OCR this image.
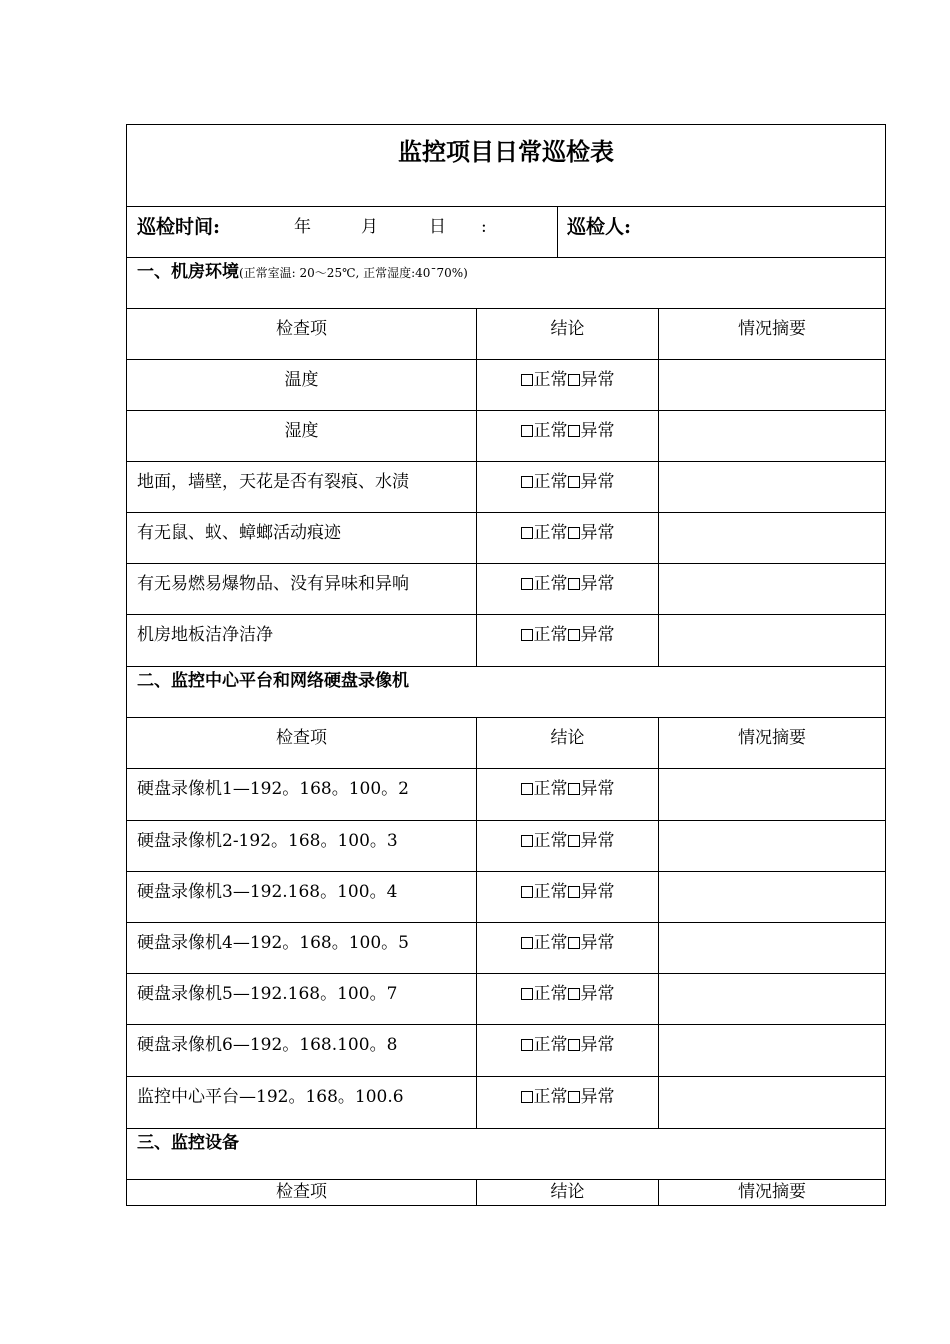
监控项目日常巡检表
巡检时间:	年	月	日 :	巡检人:
一、机房环境(正常室温: 20～25℃, 正常湿度:40¯70%)
检查项	结论	情况摘要
温度	正常 异常
湿度	正常 异常
地面，墙壁，天花是否有裂痕、水渍	正常 异常
有无鼠、蚁、蟑螂活动痕迹	正常 异常
有无易燃易爆物品、没有异味和异响	正常 异常
机房地板洁净洁净	正常 异常
二、监控中心平台和网络硬盘录像机
检查项	结论	情况摘要
硬盘录像机1—192。168。100。2	正常 异常
硬盘录像机2-192。168。100。3	正常 异常
硬盘录像机3—192.168。100。4	正常 异常
硬盘录像机4—192。168。100。5	正常 异常
硬盘录像机5—192.168。100。7	正常 异常
硬盘录像机6—192。168.100。8	正常 异常
监控中心平台—192。168。100.6	正常 异常
三、监控设备
检查项	结论	情况摘要
